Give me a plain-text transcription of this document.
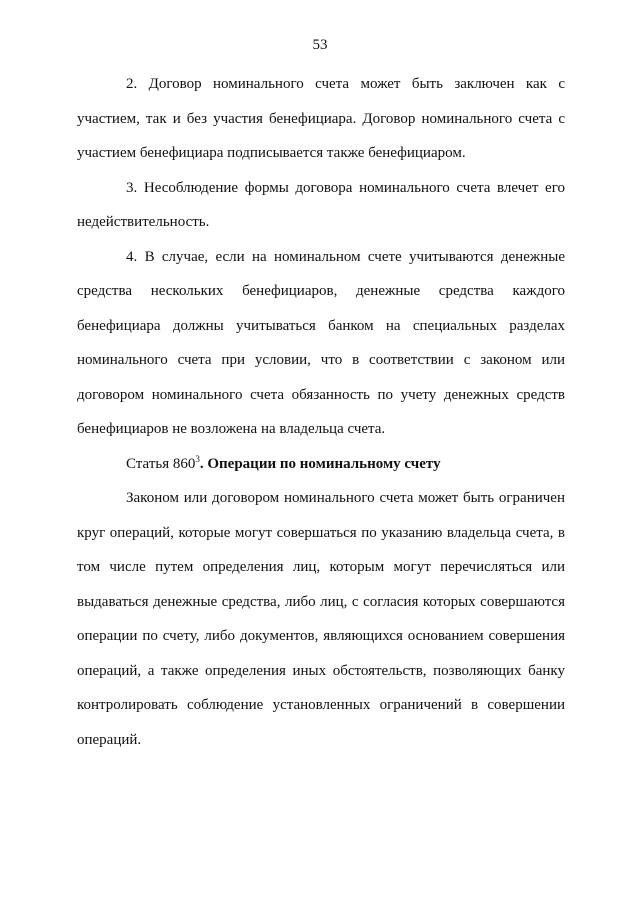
53

2. Договор номинального счета может быть заключен как с участием, так и без участия бенефициара. Договор номинального счета с участием бенефициара подписывается также бенефициаром.

3. Несоблюдение формы договора номинального счета влечет его недействительность.

4. В случае, если на номинальном счете учитываются денежные средства нескольких бенефициаров, денежные средства каждого бенефициара должны учитываться банком на специальных разделах номинального счета при условии, что в соответствии с законом или договором номинального счета обязанность по учету денежных средств бенефициаров не возложена на владельца счета.

Статья $860^3$. Операции по номинальному счету

Законом или договором номинального счета может быть ограничен круг операций, которые могут совершаться по указанию владельца счета, в том числе путем определения лиц, которым могут перечисляться или выдаваться денежные средства, либо лиц, с согласия которых совершаются операции по счету, либо документов, являющихся основанием совершения операций, а также определения иных обстоятельств, позволяющих банку контролировать соблюдение установленных ограничений в совершении операций.
